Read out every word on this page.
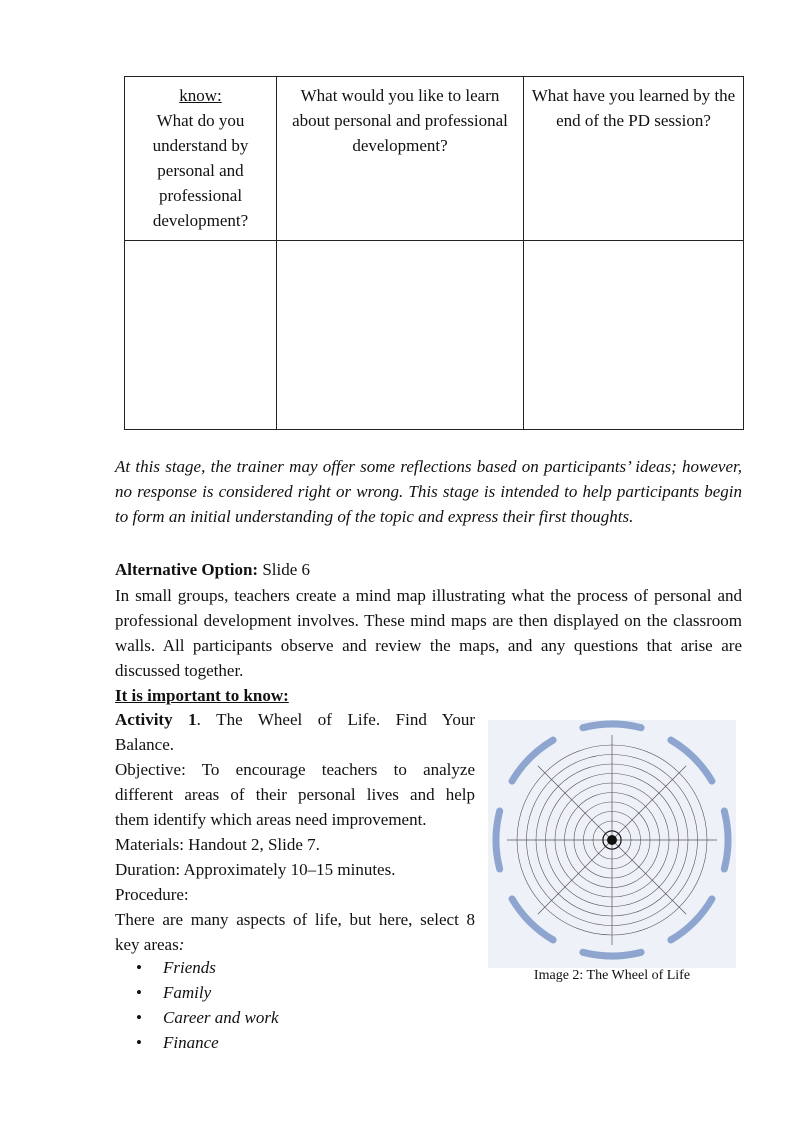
know:
What do you understand by personal and professional development?	What would you like to learn about personal and professional development?	What have you learned by the end of the PD session?

At this stage, the trainer may offer some reflections based on participants’ ideas; however, no response is considered right or wrong. This stage is intended to help participants begin to form an initial understanding of the topic and express their first thoughts.
Alternative Option: Slide 6
In small groups, teachers create a mind map illustrating what the process of personal and professional development involves. These mind maps are then displayed on the classroom walls. All participants observe and review the maps, and any questions that arise are discussed together.
It is important to know:
Activity 1. The Wheel of Life. Find Your
Balance.
Objective: To encourage teachers to analyze
different areas of their personal lives and help
them identify which areas need improvement.
Materials: Handout 2, Slide 7.
Duration: Approximately 10–15 minutes.
Procedure:
There are many aspects of life, but here, select 8
key areas:
• Friends
• Family
• Career and work
• Finance
Image 2: The Wheel of Life
